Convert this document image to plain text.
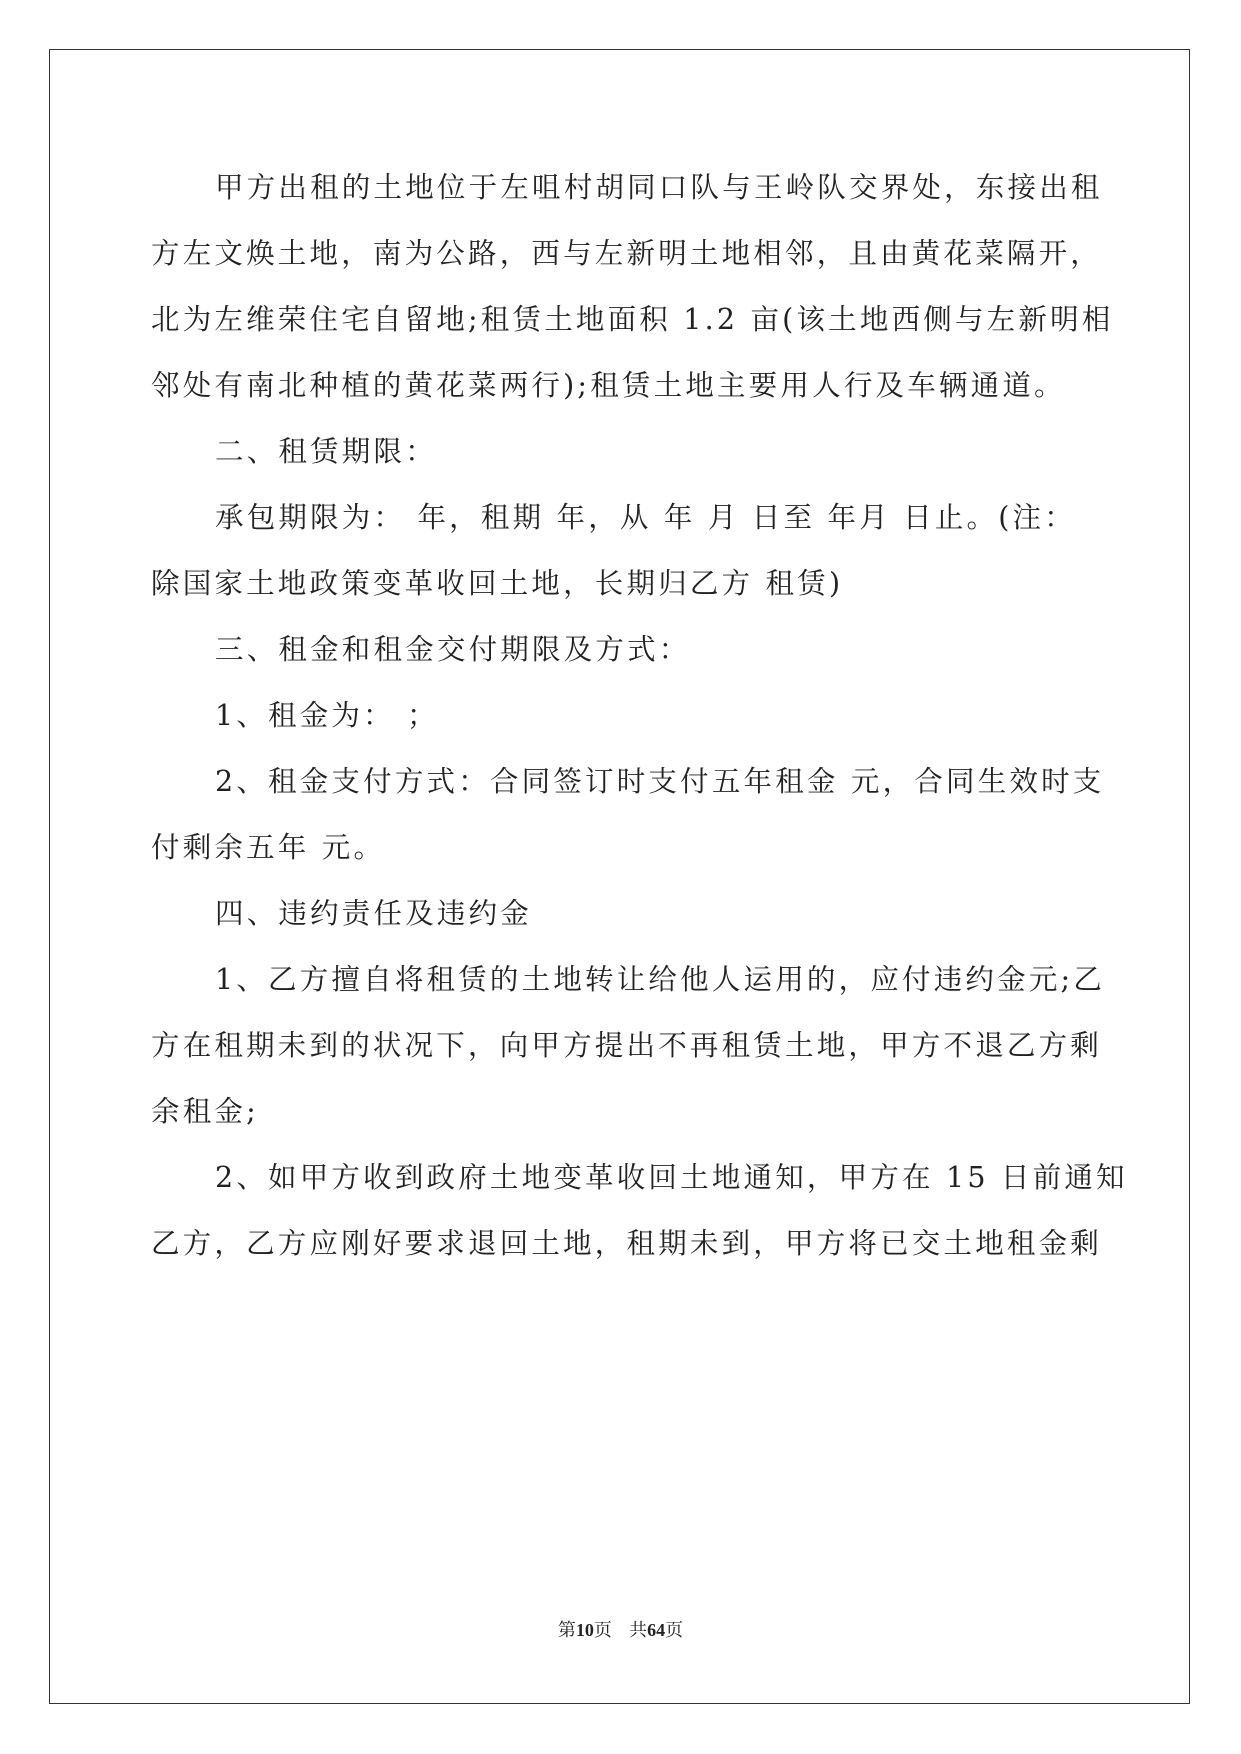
甲方出租的土地位于左咀村胡同口队与王岭队交界处，东接出租
方左文焕土地，南为公路，西与左新明土地相邻，且由黄花菜隔开，
北为左维荣住宅自留地;租赁土地面积 1.2 亩(该土地西侧与左新明相
邻处有南北种植的黄花菜两行);租赁土地主要用人行及车辆通道。
二、租赁期限：
承包期限为： 年，租期 年，从 年 月 日至 年月 日止。(注：
除国家土地政策变革收回土地，长期归乙方 租赁)
三、租金和租金交付期限及方式：
1、租金为： ；
2、租金支付方式：合同签订时支付五年租金 元，合同生效时支
付剩余五年 元。
四、违约责任及违约金
1、乙方擅自将租赁的土地转让给他人运用的，应付违约金元;乙
方在租期未到的状况下，向甲方提出不再租赁土地，甲方不退乙方剩
余租金;
2、如甲方收到政府土地变革收回土地通知，甲方在 15 日前通知
乙方，乙方应刚好要求退回土地，租期未到，甲方将已交土地租金剩
第10页   共64页
